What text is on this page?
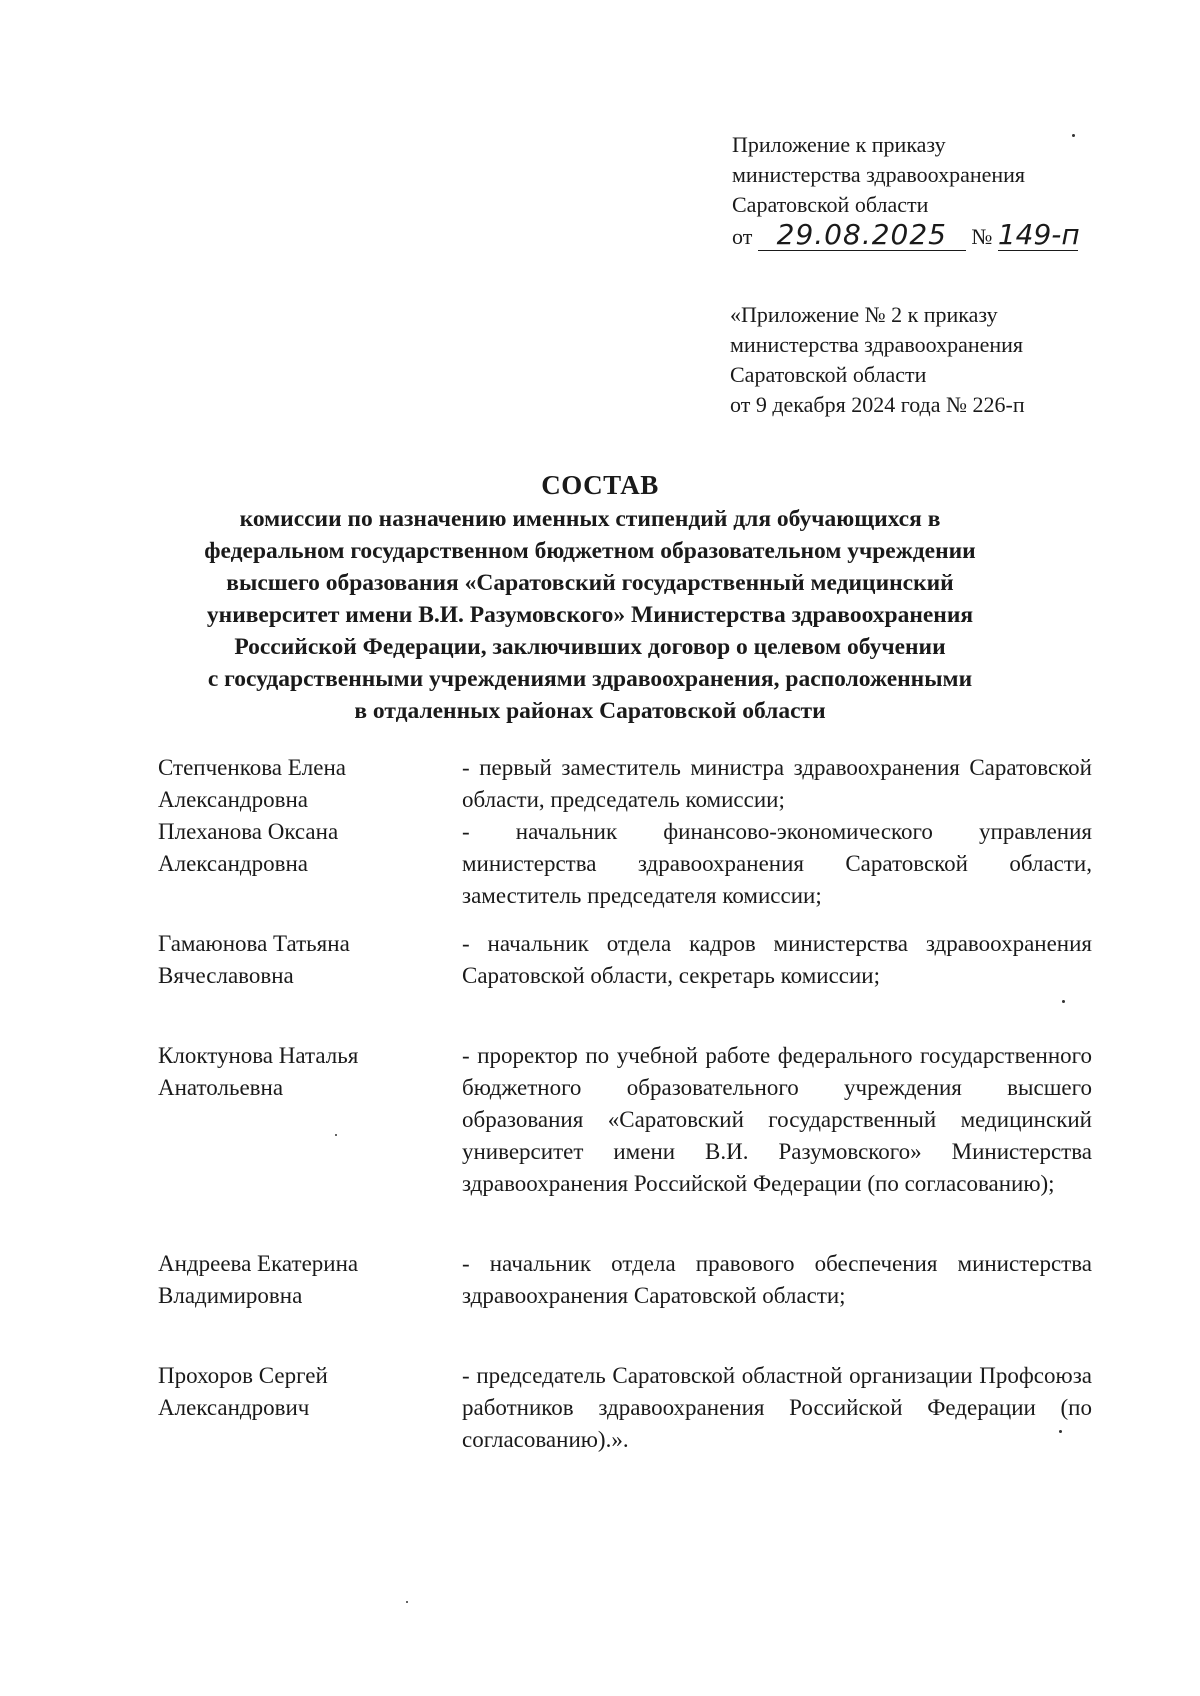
Приложение к приказу
министерства здравоохранения
Саратовской области
от 29.08.2025 № 149-п
«Приложение № 2 к приказу
министерства здравоохранения
Саратовской области
от 9 декабря 2024 года № 226-п
СОСТАВ
комиссии по назначению именных стипендий для обучающихся в
федеральном государственном бюджетном образовательном учреждении
высшего образования «Саратовский государственный медицинский
университет имени В.И. Разумовского» Министерства здравоохранения
Российской Федерации, заключивших договор о целевом обучении
с государственными учреждениями здравоохранения, расположенными
в отдаленных районах Саратовской области
Степченкова Елена
Александровна
- первый заместитель министра здравоохранения Саратовской области, председатель комиссии;
Плеханова Оксана
Александровна
- начальник финансово-экономического управления министерства здравоохранения Саратовской области, заместитель председателя комиссии;
Гамаюнова Татьяна
Вячеславовна
- начальник отдела кадров министерства здравоохранения Саратовской области, секретарь комиссии;
Клоктунова Наталья
Анатольевна
- проректор по учебной работе федерального государственного бюджетного образовательного учреждения высшего образования «Саратовский государственный медицинский университет имени В.И. Разумовского» Министерства здравоохранения Российской Федерации (по согласованию);
Андреева Екатерина
Владимировна
- начальник отдела правового обеспечения министерства здравоохранения Саратовской области;
Прохоров Сергей
Александрович
- председатель Саратовской областной организации Профсоюза работников здравоохранения Российской Федерации (по согласованию).».
